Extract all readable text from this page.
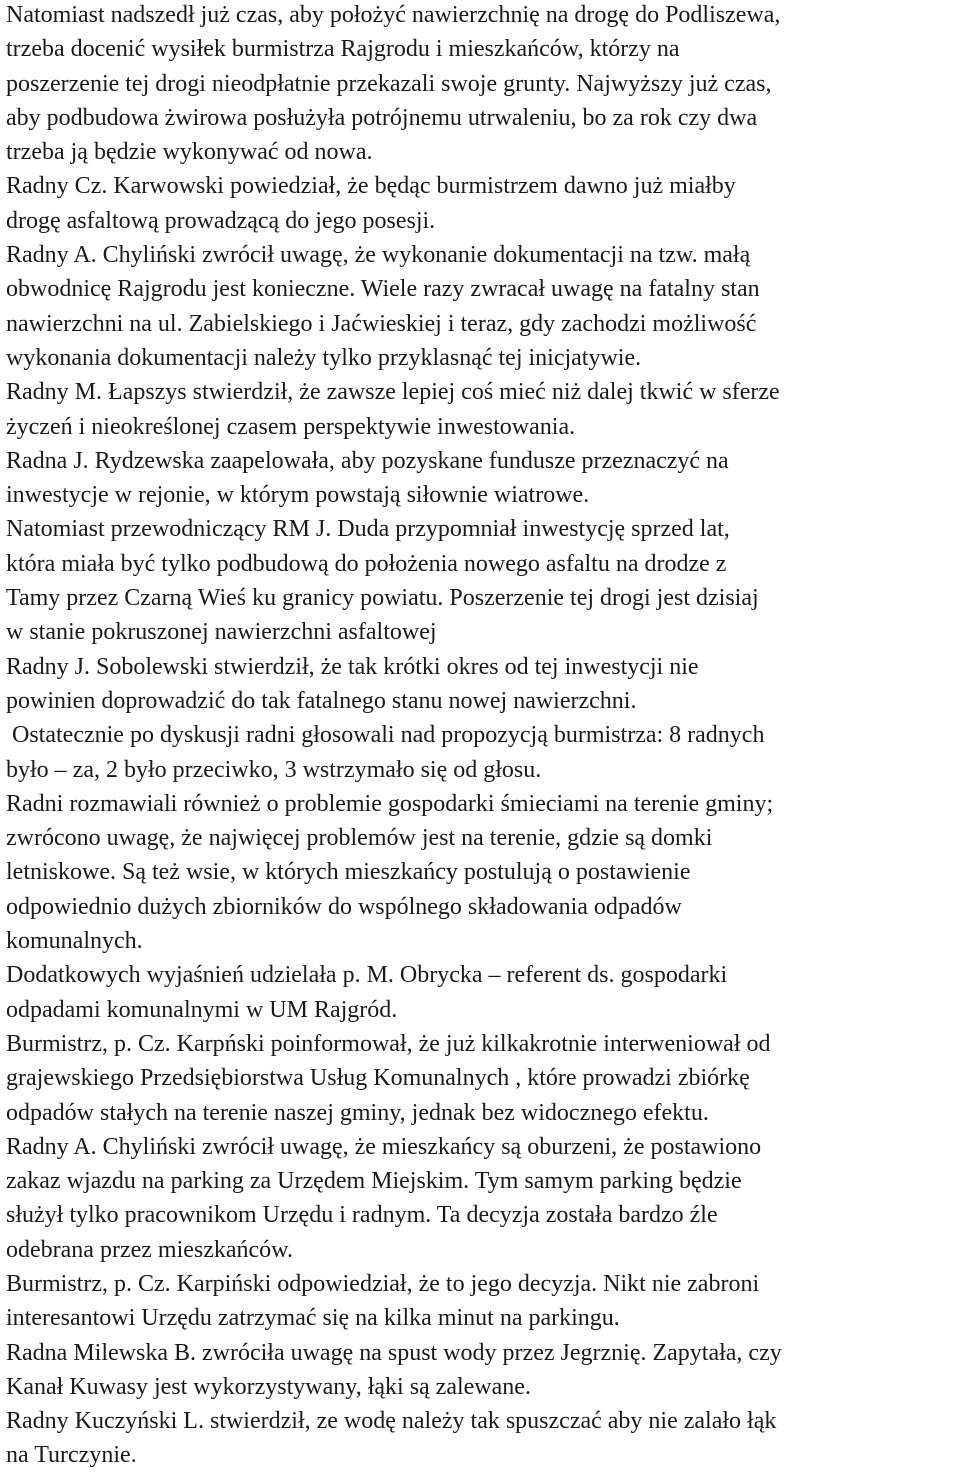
Natomiast nadszedł już czas, aby położyć nawierzchnię na drogę do Podliszewa,
trzeba docenić wysiłek burmistrza Rajgrodu i mieszkańców, którzy na
poszerzenie tej drogi nieodpłatnie przekazali swoje grunty. Najwyższy już czas,
aby podbudowa żwirowa posłużyła potrójnemu utrwaleniu, bo za rok czy dwa
trzeba ją będzie wykonywać od nowa.
Radny Cz. Karwowski powiedział, że będąc burmistrzem dawno już miałby
drogę asfaltową prowadzącą do jego posesji.
Radny A. Chyliński zwrócił uwagę, że wykonanie dokumentacji na tzw. małą
obwodnicę Rajgrodu jest konieczne. Wiele razy zwracał uwagę na fatalny stan
nawierzchni na ul. Zabielskiego i Jaćwieskiej i teraz, gdy zachodzi możliwość
wykonania dokumentacji należy tylko przyklasnąć tej inicjatywie.
Radny M. Łapszys stwierdził, że zawsze lepiej coś mieć niż dalej tkwić w sferze
życzeń i nieokreślonej czasem perspektywie inwestowania.
Radna J. Rydzewska zaapelowała, aby pozyskane fundusze przeznaczyć na
inwestycje w rejonie, w którym powstają siłownie wiatrowe.
Natomiast przewodniczący RM J. Duda przypomniał inwestycję sprzed lat,
która miała być tylko podbudową do położenia nowego asfaltu na drodze z
Tamy przez Czarną Wieś ku granicy powiatu. Poszerzenie tej drogi jest dzisiaj
w stanie pokruszonej nawierzchni asfaltowej
Radny J. Sobolewski stwierdził, że tak krótki okres od tej inwestycji nie
powinien doprowadzić do tak fatalnego stanu nowej nawierzchni.
Ostatecznie po dyskusji radni głosowali nad propozycją burmistrza: 8 radnych
było – za, 2 było przeciwko, 3 wstrzymało się od głosu.
Radni rozmawiali również o problemie gospodarki śmieciami na terenie gminy;
zwrócono uwagę, że najwięcej problemów jest na terenie, gdzie są domki
letniskowe. Są też wsie, w których mieszkańcy postulują o postawienie
odpowiednio dużych zbiorników do wspólnego składowania odpadów
komunalnych.
Dodatkowych wyjaśnień udzielała p. M. Obrycka – referent ds. gospodarki
odpadami komunalnymi w UM Rajgród.
Burmistrz, p. Cz. Karpński poinformował, że już kilkakrotnie interweniował od
grajewskiego Przedsiębiorstwa Usług Komunalnych , które prowadzi zbiórkę
odpadów stałych na terenie naszej gminy, jednak bez widocznego efektu.
Radny A. Chyliński zwrócił uwagę, że mieszkańcy są oburzeni, że postawiono
zakaz wjazdu na parking za Urzędem Miejskim. Tym samym parking będzie
służył tylko pracownikom Urzędu i radnym. Ta decyzja została bardzo źle
odebrana przez mieszkańców.
Burmistrz, p. Cz. Karpiński odpowiedział, że to jego decyzja. Nikt nie zabroni
interesantowi Urzędu zatrzymać się na kilka minut na parkingu.
Radna Milewska B. zwróciła uwagę na spust wody przez Jegrznię. Zapytała, czy
Kanał Kuwasy jest wykorzystywany, łąki są zalewane.
Radny Kuczyński L. stwierdził, ze wodę należy tak spuszczać aby nie zalało łąk
na Turczynie.
